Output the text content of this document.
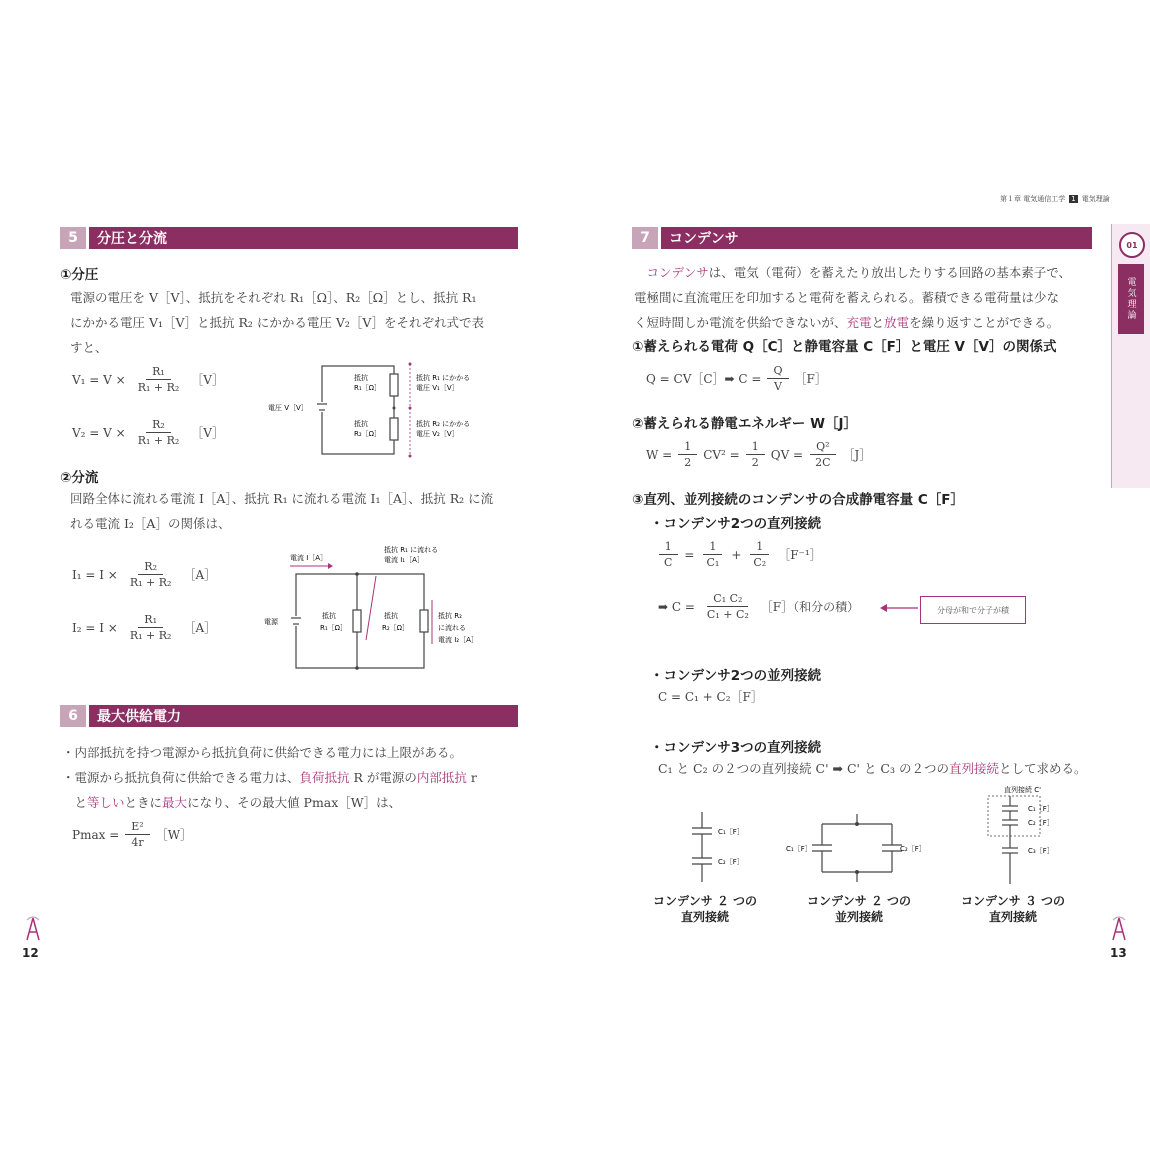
第１章 電気通信工学 1 電気理論
01
電気理論
5	分圧と分流
①分圧
電源の電圧を V［V］、抵抗をそれぞれ R₁［Ω］、R₂［Ω］とし、抵抗 R₁
にかかる電圧 V₁［V］と抵抗 R₂ にかかる電圧 V₂［V］をそれぞれ式で表
すと、
$V_1 = V \times \frac{\text{R₁}}{\text{R₁ + R₂}}$ ［V］
$V_2 = V \times \frac{\text{R₂}}{\text{R₁ + R₂}}$ ［V］
電圧 V［V］
抵抗
R₁［Ω］
抵抗
R₂［Ω］
抵抗 R₁ にかかる
電圧 V₁［V］
抵抗 R₂ にかかる
電圧 V₂［V］
②分流
回路全体に流れる電流 I［A］、抵抗 R₁ に流れる電流 I₁［A］、抵抗 R₂ に流
れる電流 I₂［A］の関係は、
$I_1 = I \times \frac{\text{R₂}}{\text{R₁ + R₂}}$ ［A］
$I_2 = I \times \frac{\text{R₁}}{\text{R₁ + R₂}}$ ［A］
電流 I［A］
抵抗 R₁ に流れる
電流 I₁［A］
電源
抵抗
R₁［Ω］
抵抗
R₂［Ω］
抵抗 R₂
に流れる
電流 I₂［A］
6	最大供給電力
・内部抵抗を持つ電源から抵抗負荷に供給できる電力には上限がある。
・電源から抵抗負荷に供給できる電力は、負荷抵抗 R が電源の内部抵抗 r
　と等しいときに最大になり、その最大値 Pmax［W］は、
$Pmax = \frac{\text{E²}}{4r}$ ［W］
12
7	コンデンサ
　コンデンサは、電気（電荷）を蓄えたり放出したりする回路の基本素子で、
電極間に直流電圧を印加すると電荷を蓄えられる。蓄積できる電荷量は少な
く短時間しか電流を供給できないが、充電と放電を繰り返すことができる。
①蓄えられる電荷 Q［C］と静電容量 C［F］と電圧 V［V］の関係式
Q = CV［C］➡ $C = \frac{Q}{V}$ ［F］
②蓄えられる静電エネルギー W［J］
$W = \frac{1}{2} CV^2 = \frac{1}{2}$ QV = $\frac{\text{Q²}}{2C}$ ［J］
③直列、並列接続のコンデンサの合成静電容量 C［F］
・コンデンサ2つの直列接続
$\frac{1}{C} = \frac{1}{\text{C₁}} + \frac{1}{\text{C₂}}$ ［F⁻¹］
➡ $C = \frac{\text{C₁ C₂}}{\text{C₁ + C₂}}$ ［F］（和分の積）	分母が和で分子が積
・コンデンサ2つの並列接続
C = C₁ + C₂［F］
・コンデンサ3つの直列接続
C₁ と C₂ の２つの直列接続 C' ➡ C' と C₃ の２つの直列接続として求める。
C₁［F］
C₂［F］
C₁［F］	C₂［F］
直列接続 C'
C₁［F］
C₂［F］
C₃［F］
コンデンサ ２ つの
直列接続
コンデンサ ２ つの
並列接続
コンデンサ ３ つの
直列接続
13
